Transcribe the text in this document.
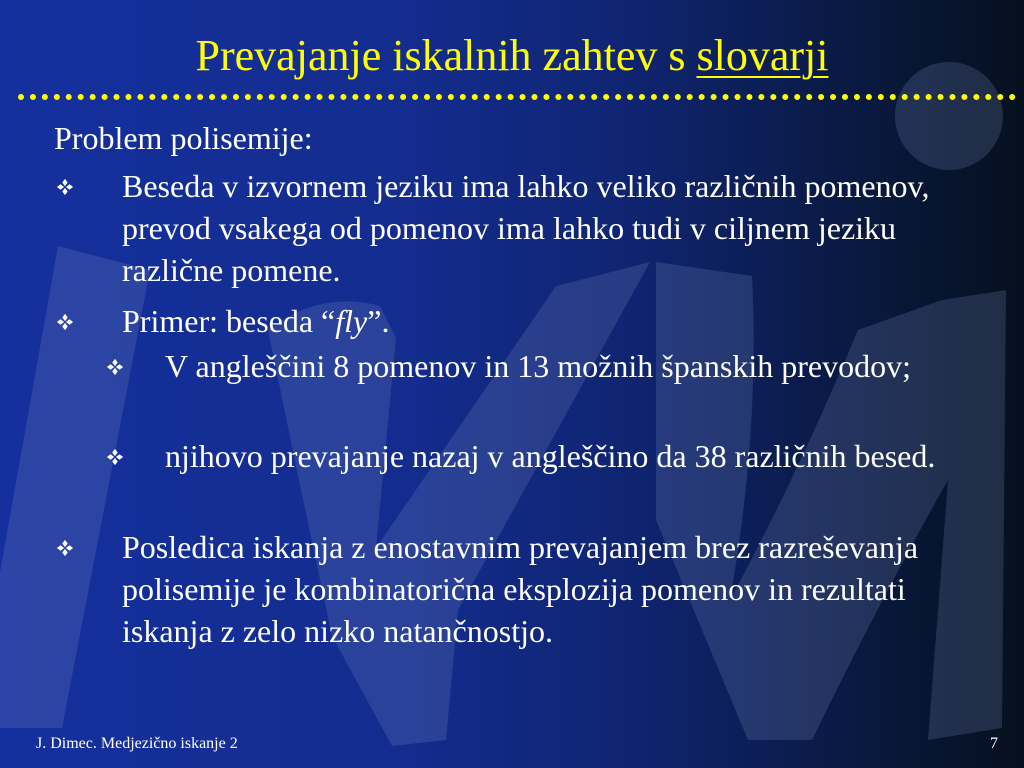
Prevajanje iskalnih zahtev s slovarji
Problem polisemije:
Beseda v izvornem jeziku ima lahko veliko različnih pomenov, prevod vsakega od pomenov ima lahko tudi v ciljnem jeziku različne pomene.
Primer: beseda “fly”.
V angleščini 8 pomenov in 13 možnih španskih prevodov;
njihovo prevajanje nazaj v angleščino da 38 različnih besed.
Posledica iskanja z enostavnim prevajanjem brez razreševanja polisemije je kombinatorična eksplozija pomenov in rezultati iskanja z zelo nizko natančnostjo.
J. Dimec. Medjezično iskanje 2	7
